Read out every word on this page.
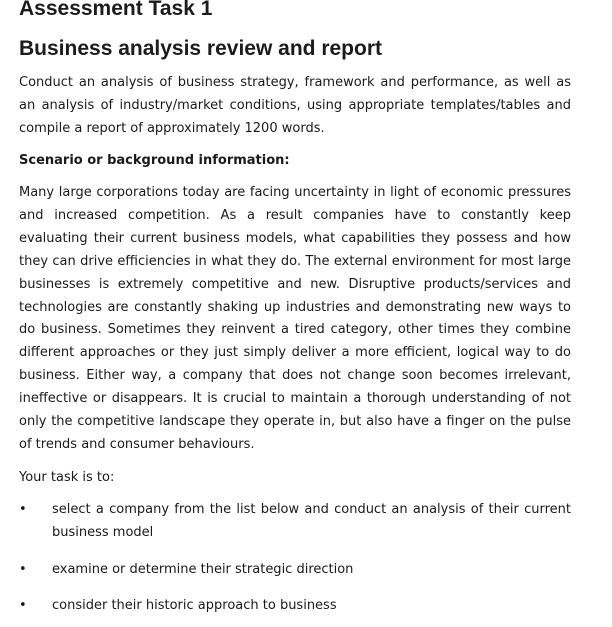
Assessment Task 1
Business analysis review and report
Conduct an analysis of business strategy, framework and performance, as well as an analysis of industry/market conditions, using appropriate templates/tables and compile a report of approximately 1200 words.
Scenario or background information:
Many large corporations today are facing uncertainty in light of economic pressures and increased competition. As a result companies have to constantly keep evaluating their current business models, what capabilities they possess and how they can drive efficiencies in what they do. The external environment for most large businesses is extremely competitive and new. Disruptive products/services and technologies are constantly shaking up industries and demonstrating new ways to do business. Sometimes they reinvent a tired category, other times they combine different approaches or they just simply deliver a more efficient, logical way to do business. Either way, a company that does not change soon becomes irrelevant, ineffective or disappears. It is crucial to maintain a thorough understanding of not only the competitive landscape they operate in, but also have a finger on the pulse of trends and consumer behaviours.
Your task is to:
•	select a company from the list below and conduct an analysis of their current business model
•	examine or determine their strategic direction
•	consider their historic approach to business
